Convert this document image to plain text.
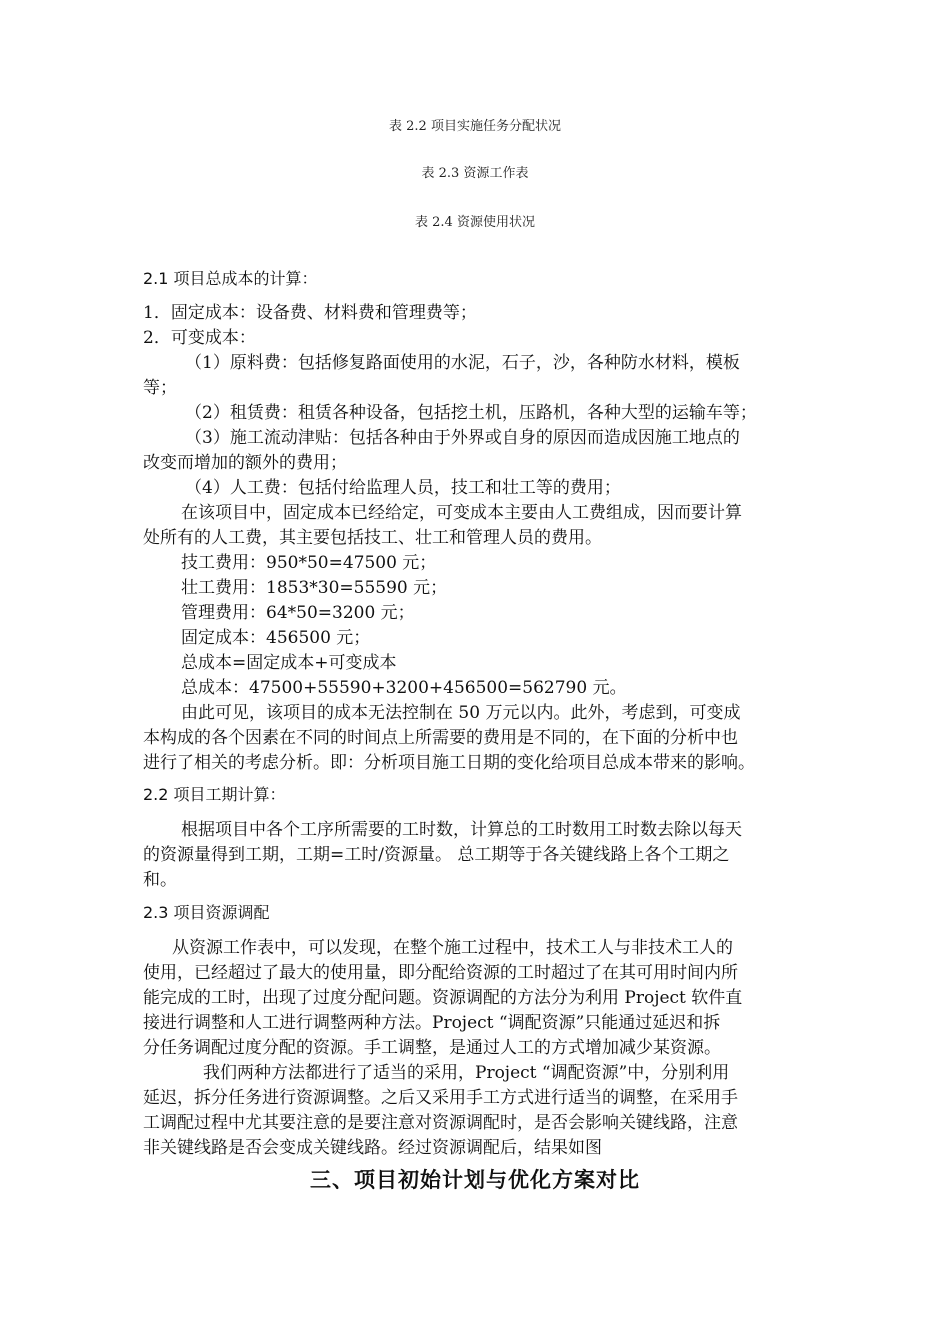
表 2.2 项目实施任务分配状况
表 2.3 资源工作表
表 2.4 资源使用状况
2.1 项目总成本的计算：
1．固定成本：设备费、材料费和管理费等；
2．可变成本：
（1）原料费：包括修复路面使用的水泥，石子，沙，各种防水材料，模板
等；
（2）租赁费：租赁各种设备，包括挖土机，压路机，各种大型的运输车等；
（3）施工流动津贴：包括各种由于外界或自身的原因而造成因施工地点的
改变而增加的额外的费用；
（4）人工费：包括付给监理人员，技工和壮工等的费用；
在该项目中，固定成本已经给定，可变成本主要由人工费组成，因而要计算
处所有的人工费，其主要包括技工、壮工和管理人员的费用。
技工费用：950*50=47500 元；
壮工费用：1853*30=55590 元；
管理费用：64*50=3200 元；
固定成本：456500 元；
总成本=固定成本+可变成本
总成本：47500+55590+3200+456500=562790 元。
由此可见，该项目的成本无法控制在 50 万元以内。此外，考虑到，可变成
本构成的各个因素在不同的时间点上所需要的费用是不同的，在下面的分析中也
进行了相关的考虑分析。即：分析项目施工日期的变化给项目总成本带来的影响。
2.2 项目工期计算：
根据项目中各个工序所需要的工时数，计算总的工时数用工时数去除以每天
的资源量得到工期，工期=工时/资源量。 总工期等于各关键线路上各个工期之
和。
2.3 项目资源调配
从资源工作表中，可以发现，在整个施工过程中，技术工人与非技术工人的
使用，已经超过了最大的使用量，即分配给资源的工时超过了在其可用时间内所
能完成的工时，出现了过度分配问题。资源调配的方法分为利用 Project 软件直
接进行调整和人工进行调整两种方法。Project “调配资源”只能通过延迟和拆
分任务调配过度分配的资源。手工调整，是通过人工的方式增加减少某资源。
我们两种方法都进行了适当的采用，Project “调配资源”中，分别利用
延迟，拆分任务进行资源调整。之后又采用手工方式进行适当的调整，在采用手
工调配过程中尤其要注意的是要注意对资源调配时，是否会影响关键线路，注意
非关键线路是否会变成关键线路。经过资源调配后，结果如图
三、项目初始计划与优化方案对比
